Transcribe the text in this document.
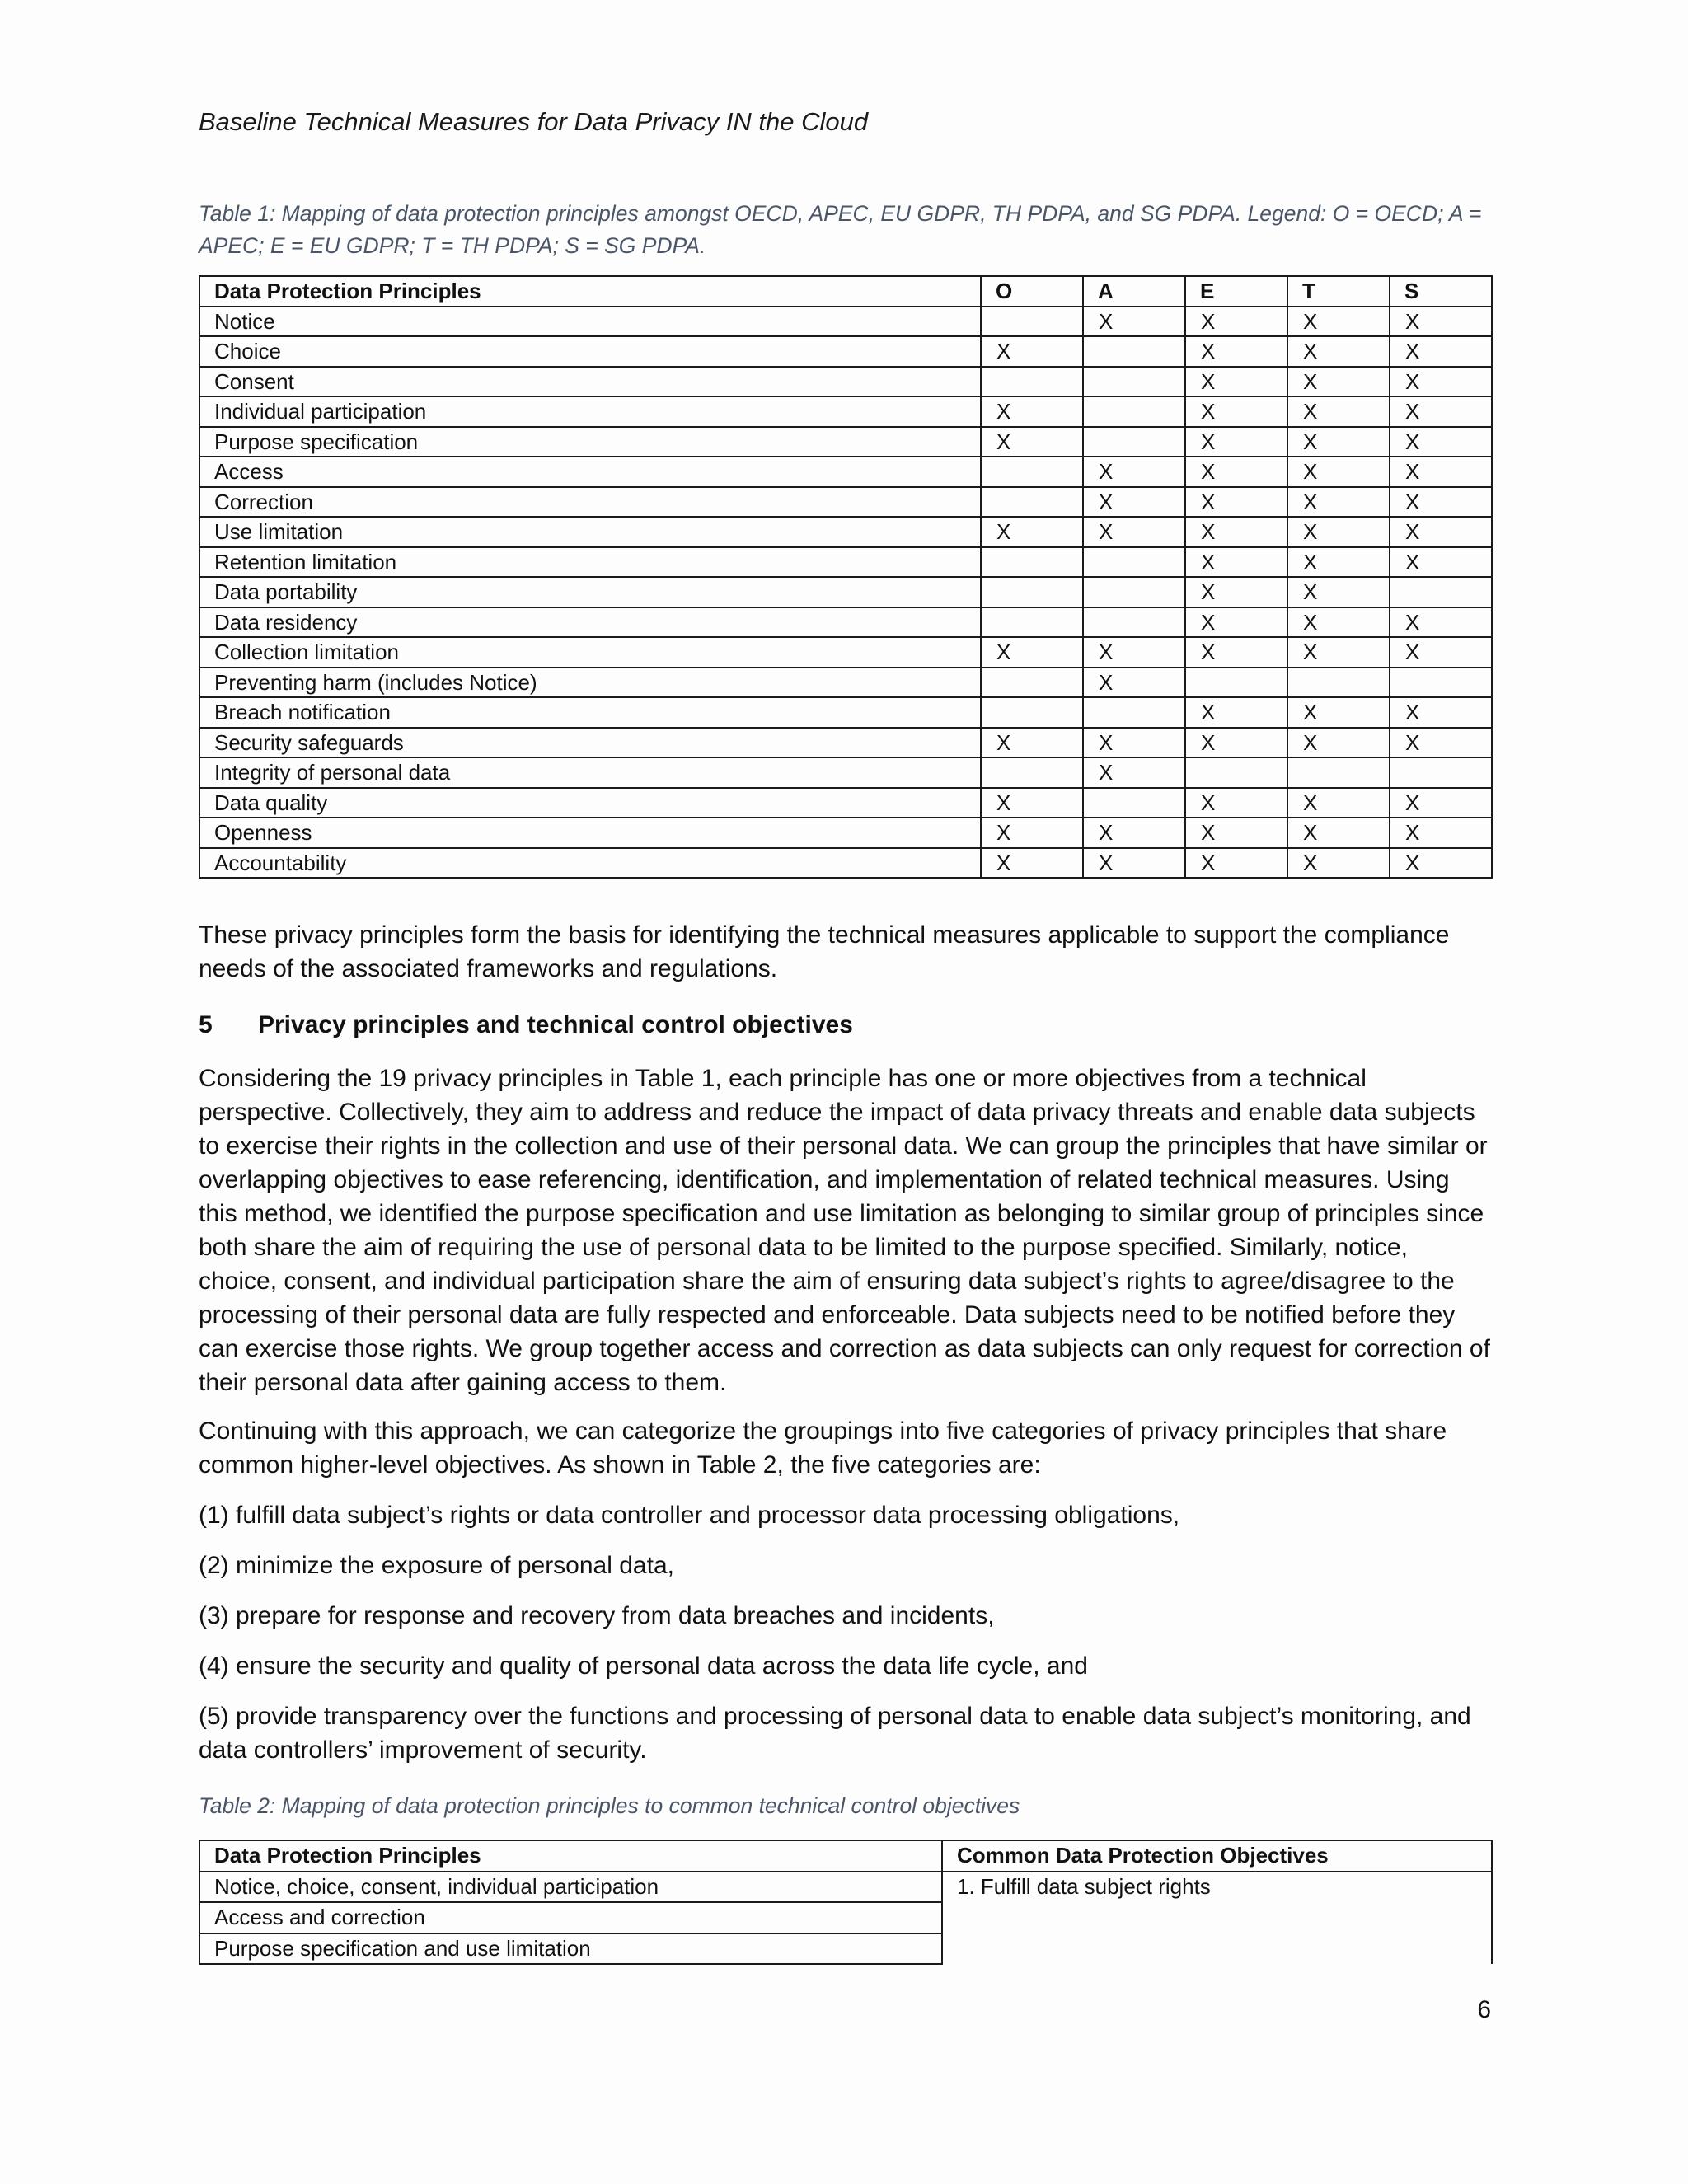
Baseline Technical Measures for Data Privacy IN the Cloud
Table 1: Mapping of data protection principles amongst OECD, APEC, EU GDPR, TH PDPA, and SG PDPA. Legend: O = OECD; A = APEC; E = EU GDPR; T = TH PDPA; S = SG PDPA.
Data Protection Principles	O	A	E	T	S
Notice		X	X	X	X
Choice	X		X	X	X
Consent			X	X	X
Individual participation	X		X	X	X
Purpose specification	X		X	X	X
Access		X	X	X	X
Correction		X	X	X	X
Use limitation	X	X	X	X	X
Retention limitation			X	X	X
Data portability			X	X	
Data residency			X	X	X
Collection limitation	X	X	X	X	X
Preventing harm (includes Notice)		X			
Breach notification			X	X	X
Security safeguards	X	X	X	X	X
Integrity of personal data		X			
Data quality	X		X	X	X
Openness	X	X	X	X	X
Accountability	X	X	X	X	X
These privacy principles form the basis for identifying the technical measures applicable to support the compliance needs of the associated frameworks and regulations.
5 Privacy principles and technical control objectives
Considering the 19 privacy principles in Table 1, each principle has one or more objectives from a technical perspective. Collectively, they aim to address and reduce the impact of data privacy threats and enable data subjects to exercise their rights in the collection and use of their personal data. We can group the principles that have similar or overlapping objectives to ease referencing, identification, and implementation of related technical measures. Using this method, we identified the purpose specification and use limitation as belonging to similar group of principles since both share the aim of requiring the use of personal data to be limited to the purpose specified. Similarly, notice, choice, consent, and individual participation share the aim of ensuring data subject’s rights to agree/disagree to the processing of their personal data are fully respected and enforceable. Data subjects need to be notified before they can exercise those rights. We group together access and correction as data subjects can only request for correction of their personal data after gaining access to them.
Continuing with this approach, we can categorize the groupings into five categories of privacy principles that share common higher-level objectives. As shown in Table 2, the five categories are:
(1) fulfill data subject’s rights or data controller and processor data processing obligations,
(2) minimize the exposure of personal data,
(3) prepare for response and recovery from data breaches and incidents,
(4) ensure the security and quality of personal data across the data life cycle, and
(5) provide transparency over the functions and processing of personal data to enable data subject’s monitoring, and data controllers’ improvement of security.
Table 2: Mapping of data protection principles to common technical control objectives
Data Protection Principles	Common Data Protection Objectives
Notice, choice, consent, individual participation	1. Fulfill data subject rights
Access and correction	
Purpose specification and use limitation	
6
